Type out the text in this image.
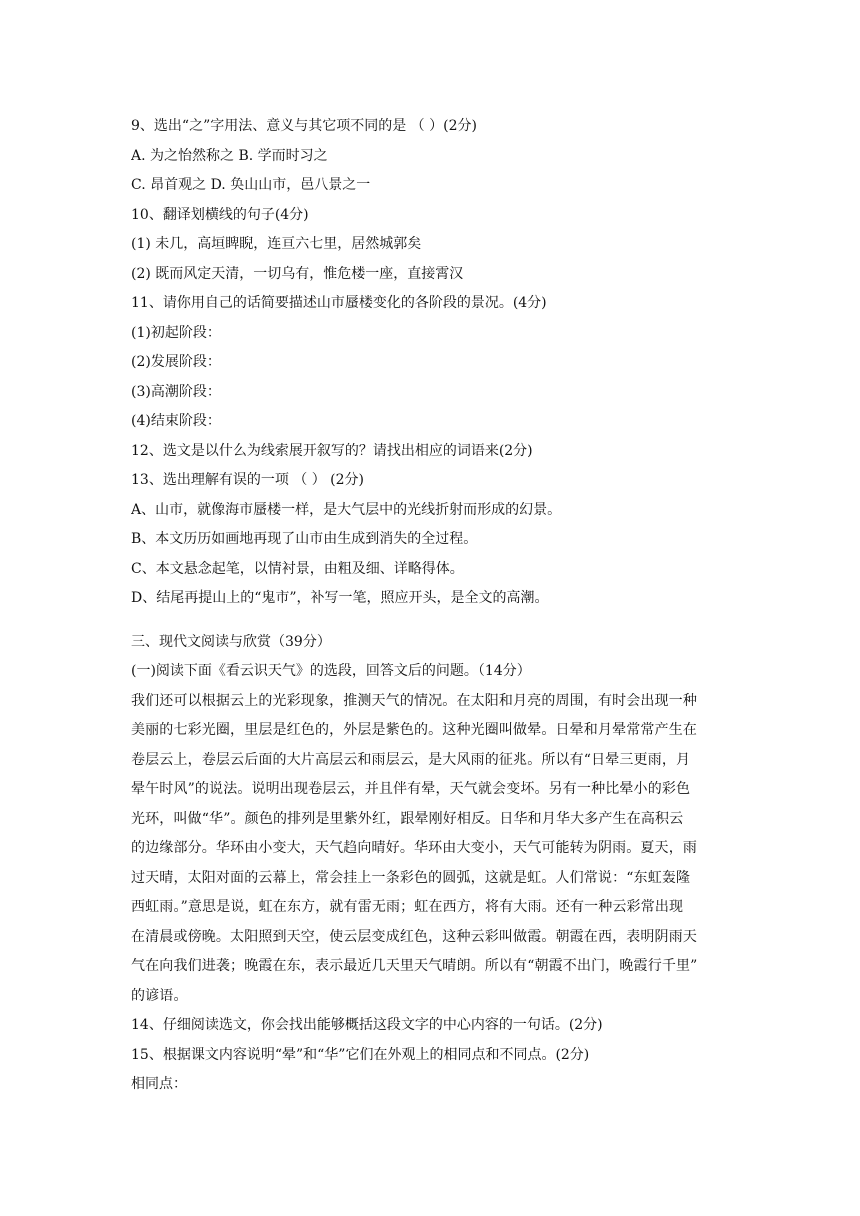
9、选出“之”字用法、意义与其它项不同的是 （ ）(2分)
A. 为之怡然称之 B. 学而时习之
C. 昂首观之 D. 奂山山市，邑八景之一
10、翻译划横线的句子(4分)
(1) 未几，高垣睥睨，连亘六七里，居然城郭矣
(2) 既而风定天清，一切乌有，惟危楼一座，直接霄汉
11、请你用自己的话简要描述山市蜃楼变化的各阶段的景况。(4分)
(1)初起阶段：
(2)发展阶段：
(3)高潮阶段：
(4)结束阶段：
12、选文是以什么为线索展开叙写的？请找出相应的词语来(2分)
13、选出理解有误的一项 （ ） (2分)
A、山市，就像海市蜃楼一样，是大气层中的光线折射而形成的幻景。
B、本文历历如画地再现了山市由生成到消失的全过程。
C、本文悬念起笔，以情衬景，由粗及细、详略得体。
D、结尾再提山上的“鬼市”，补写一笔，照应开头，是全文的高潮。
三、现代文阅读与欣赏（39分）
(一)阅读下面《看云识天气》的选段，回答文后的问题。（14分）
我们还可以根据云上的光彩现象，推测天气的情况。在太阳和月亮的周围，有时会出现一种
美丽的七彩光圈，里层是红色的，外层是紫色的。这种光圈叫做晕。日晕和月晕常常产生在
卷层云上，卷层云后面的大片高层云和雨层云，是大风雨的征兆。所以有“日晕三更雨，月
晕午时风”的说法。说明出现卷层云，并且伴有晕，天气就会变坏。另有一种比晕小的彩色
光环，叫做“华”。颜色的排列是里紫外红，跟晕刚好相反。日华和月华大多产生在高积云
的边缘部分。华环由小变大，天气趋向晴好。华环由大变小，天气可能转为阴雨。夏天，雨
过天晴，太阳对面的云幕上，常会挂上一条彩色的圆弧，这就是虹。人们常说：“东虹轰隆
西虹雨。”意思是说，虹在东方，就有雷无雨；虹在西方，将有大雨。还有一种云彩常出现
在清晨或傍晚。太阳照到天空，使云层变成红色，这种云彩叫做霞。朝霞在西，表明阴雨天
气在向我们进袭；晚霞在东，表示最近几天里天气晴朗。所以有“朝霞不出门，晚霞行千里”
的谚语。
14、仔细阅读选文，你会找出能够概括这段文字的中心内容的一句话。(2分)
15、根据课文内容说明“晕”和“华”它们在外观上的相同点和不同点。(2分)
相同点：
